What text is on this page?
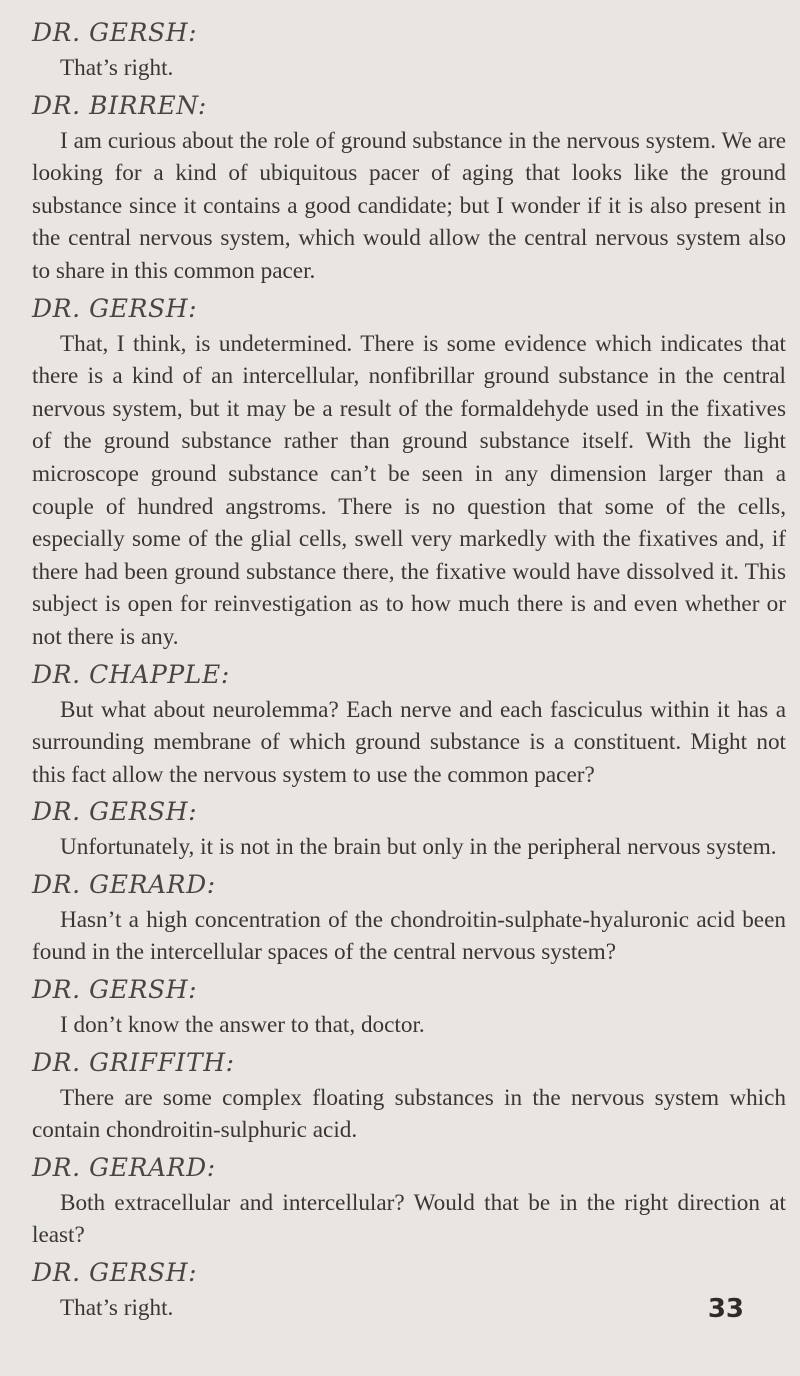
DR. GERSH:

That’s right.

DR. BIRREN:

I am curious about the role of ground substance in the nervous system. We are looking for a kind of ubiquitous pacer of aging that looks like the ground substance since it contains a good candidate; but I wonder if it is also present in the central nervous system, which would allow the central nervous system also to share in this common pacer.

DR. GERSH:

That, I think, is undetermined. There is some evidence which indicates that there is a kind of an intercellular, nonfibrillar ground substance in the central nervous system, but it may be a result of the formaldehyde used in the fixatives of the ground substance rather than ground substance itself. With the light microscope ground substance can’t be seen in any dimension larger than a couple of hundred angstroms. There is no question that some of the cells, especially some of the glial cells, swell very markedly with the fixatives and, if there had been ground substance there, the fixative would have dissolved it. This subject is open for reinvestigation as to how much there is and even whether or not there is any.

DR. CHAPPLE:

But what about neurolemma? Each nerve and each fasciculus within it has a surrounding membrane of which ground substance is a constituent. Might not this fact allow the nervous system to use the common pacer?

DR. GERSH:

Unfortunately, it is not in the brain but only in the peripheral nervous system.

DR. GERARD:

Hasn’t a high concentration of the chondroitin-sulphate-hyaluronic acid been found in the intercellular spaces of the central nervous system?

DR. GERSH:

I don’t know the answer to that, doctor.

DR. GRIFFITH:

There are some complex floating substances in the nervous system which contain chondroitin-sulphuric acid.

DR. GERARD:

Both extracellular and intercellular? Would that be in the right direction at least?

DR. GERSH:

That’s right.	33
